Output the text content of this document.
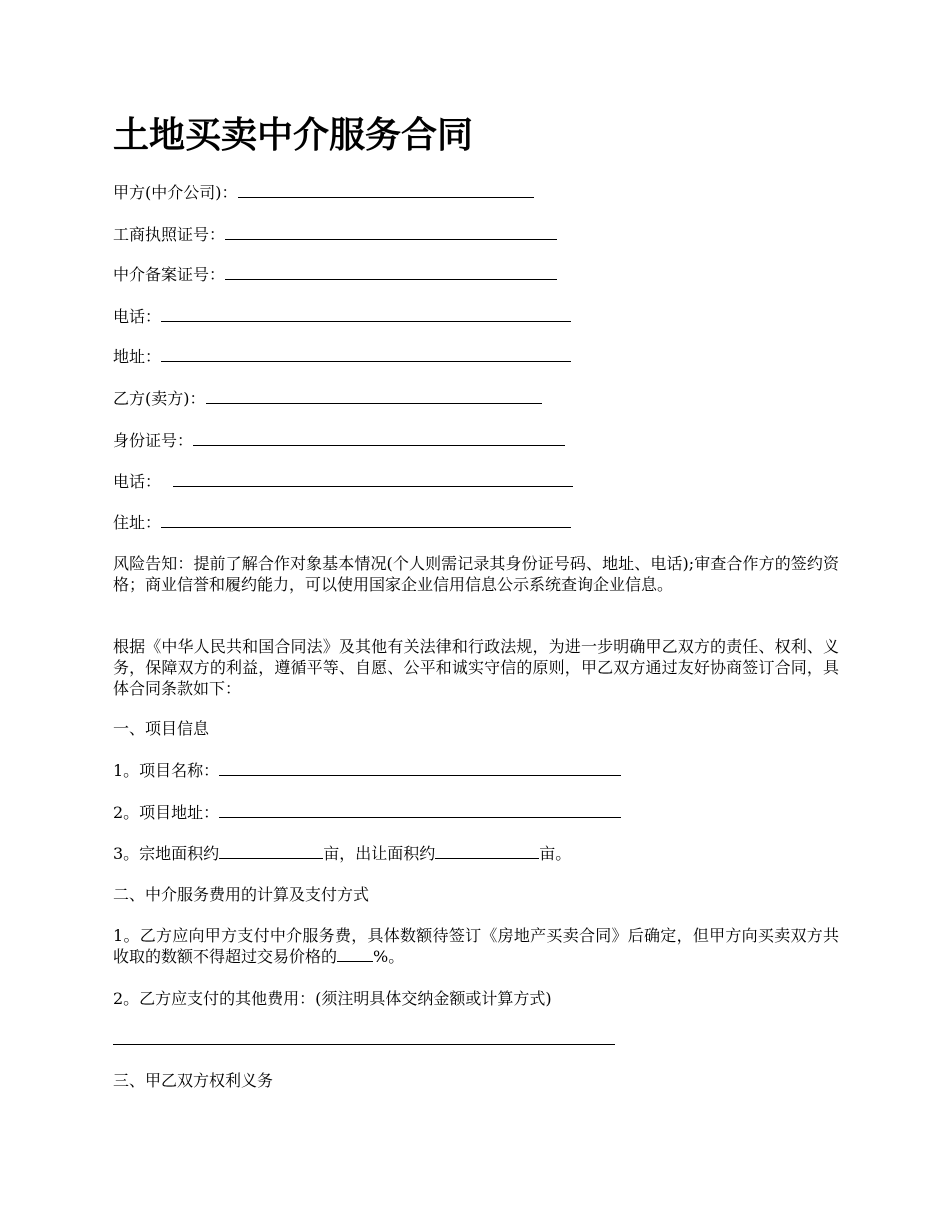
土地买卖中介服务合同
甲方(中介公司)：
工商执照证号：
中介备案证号：
电话：
地址：
乙方(卖方)：
身份证号：
电话：
住址：

风险告知：提前了解合作对象基本情况(个人则需记录其身份证号码、地址、电话);审查合作方的签约资格；商业信誉和履约能力，可以使用国家企业信用信息公示系统查询企业信息。

根据《中华人民共和国合同法》及其他有关法律和行政法规，为进一步明确甲乙双方的责任、权利、义务，保障双方的利益，遵循平等、自愿、公平和诚实守信的原则，甲乙双方通过友好协商签订合同，具体合同条款如下：

一、项目信息
1。项目名称：
2。项目地址：
3。宗地面积约	亩，出让面积约	亩。
二、中介服务费用的计算及支付方式

1。乙方应向甲方支付中介服务费，具体数额待签订《房地产买卖合同》后确定，但甲方向买卖双方共收取的数额不得超过交易价格的 %。

2。乙方应支付的其他费用：(须注明具体交纳金额或计算方式)
三、甲乙双方权利义务
